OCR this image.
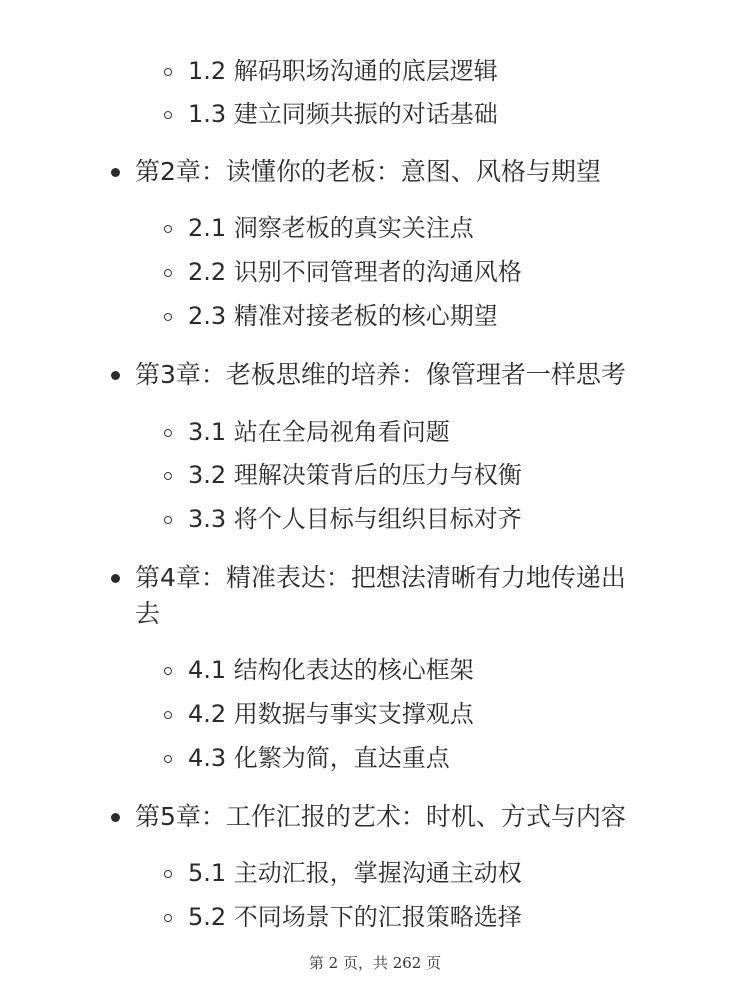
1.2 解码职场沟通的底层逻辑
1.3 建立同频共振的对话基础
第2章：读懂你的老板：意图、风格与期望
2.1 洞察老板的真实关注点
2.2 识别不同管理者的沟通风格
2.3 精准对接老板的核心期望
第3章：老板思维的培养：像管理者一样思考
3.1 站在全局视角看问题
3.2 理解决策背后的压力与权衡
3.3 将个人目标与组织目标对齐
第4章：精准表达：把想法清晰有力地传递出
去
4.1 结构化表达的核心框架
4.2 用数据与事实支撑观点
4.3 化繁为简，直达重点
第5章：工作汇报的艺术：时机、方式与内容
5.1 主动汇报，掌握沟通主动权
5.2 不同场景下的汇报策略选择
第 2 页，共 262 页
